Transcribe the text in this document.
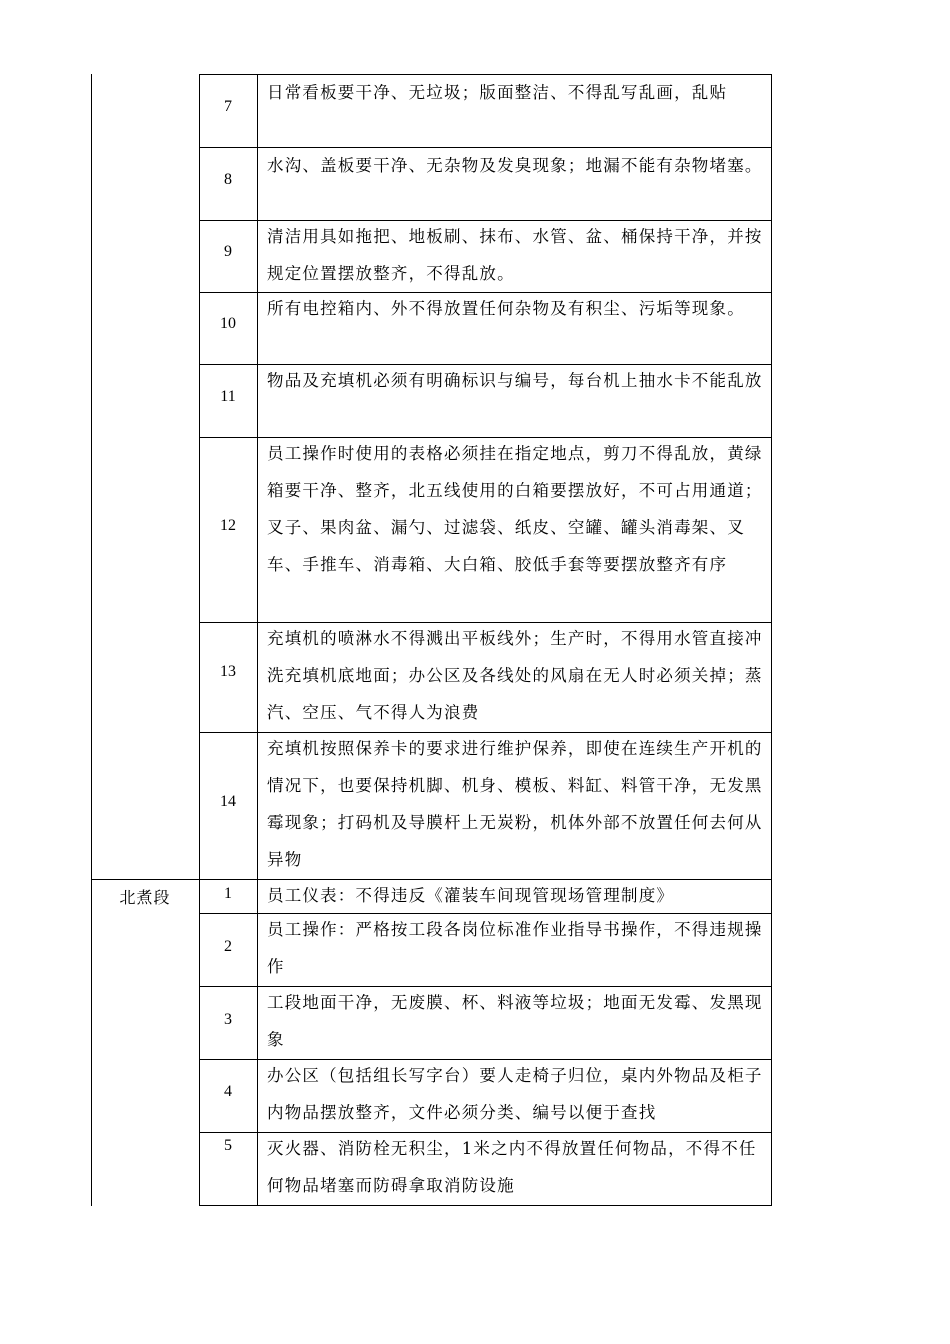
7
8
9
10
11
12
13
14
北煮段	1
2
3
4
5
日常看板要干净、无垃圾；版面整洁、不得乱写乱画，乱贴
水沟、盖板要干净、无杂物及发臭现象；地漏不能有杂物堵塞。
清洁用具如拖把、地板刷、抹布、水管、盆、桶保持干净，并按规定位置摆放整齐，不得乱放。
所有电控箱内、外不得放置任何杂物及有积尘、污垢等现象。
物品及充填机必须有明确标识与编号，每台机上抽水卡不能乱放
员工操作时使用的表格必须挂在指定地点，剪刀不得乱放，黄绿箱要干净、整齐，北五线使用的白箱要摆放好，不可占用通道；叉子、果肉盆、漏勺、过滤袋、纸皮、空罐、罐头消毒架、叉车、手推车、消毒箱、大白箱、胶低手套等要摆放整齐有序
充填机的喷淋水不得溅出平板线外；生产时，不得用水管直接冲洗充填机底地面；办公区及各线处的风扇在无人时必须关掉；蒸汽、空压、气不得人为浪费
充填机按照保养卡的要求进行维护保养，即使在连续生产开机的情况下，也要保持机脚、机身、模板、料缸、料管干净，无发黑霉现象；打码机及导膜杆上无炭粉，机体外部不放置任何去何从异物
员工仪表：不得违反《灌装车间现管现场管理制度》
员工操作：严格按工段各岗位标准作业指导书操作，不得违规操作
工段地面干净，无废膜、杯、料液等垃圾；地面无发霉、发黑现象
办公区（包括组长写字台）要人走椅子归位，桌内外物品及柜子内物品摆放整齐，文件必须分类、编号以便于查找
灭火器、消防栓无积尘，1米之内不得放置任何物品，不得不任何物品堵塞而防碍拿取消防设施
